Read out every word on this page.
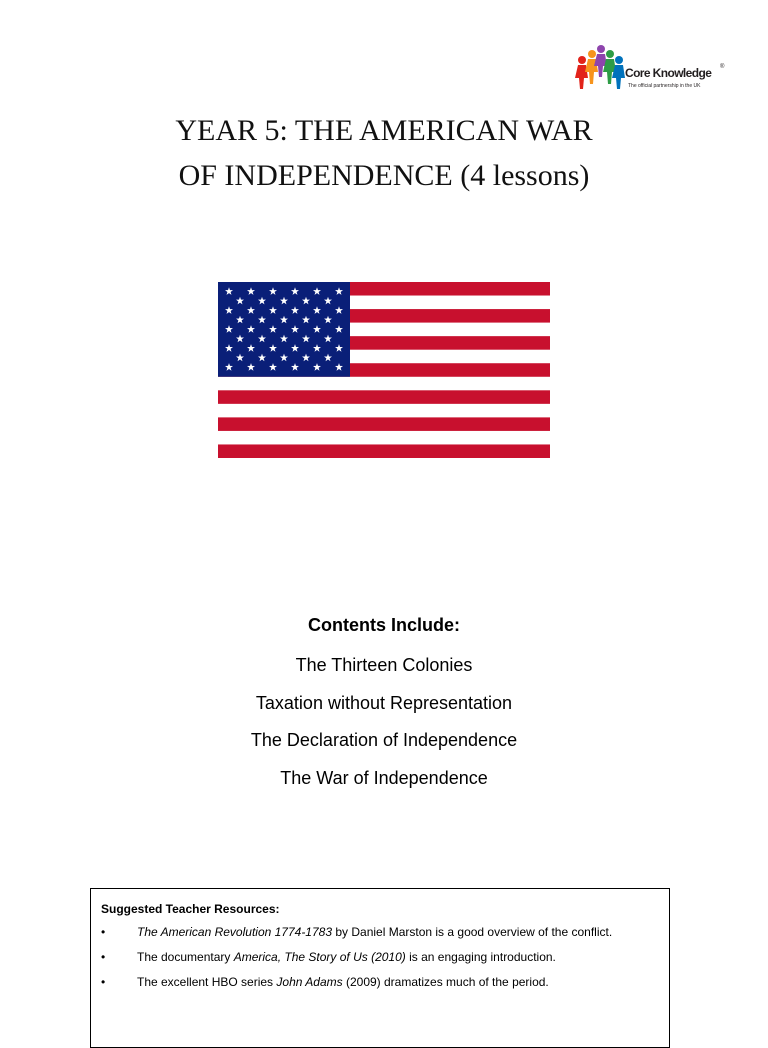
Core Knowledge ®
The official partnership in the UK
YEAR 5: THE AMERICAN WAR
OF INDEPENDENCE (4 lessons)
Contents Include:
The Thirteen Colonies
Taxation without Representation
The Declaration of Independence
The War of Independence
Suggested Teacher Resources:
•	The American Revolution 1774-1783 by Daniel Marston is a good overview of the conflict.
•	The documentary America, The Story of Us (2010) is an engaging introduction.
•	The excellent HBO series John Adams (2009) dramatizes much of the period.
